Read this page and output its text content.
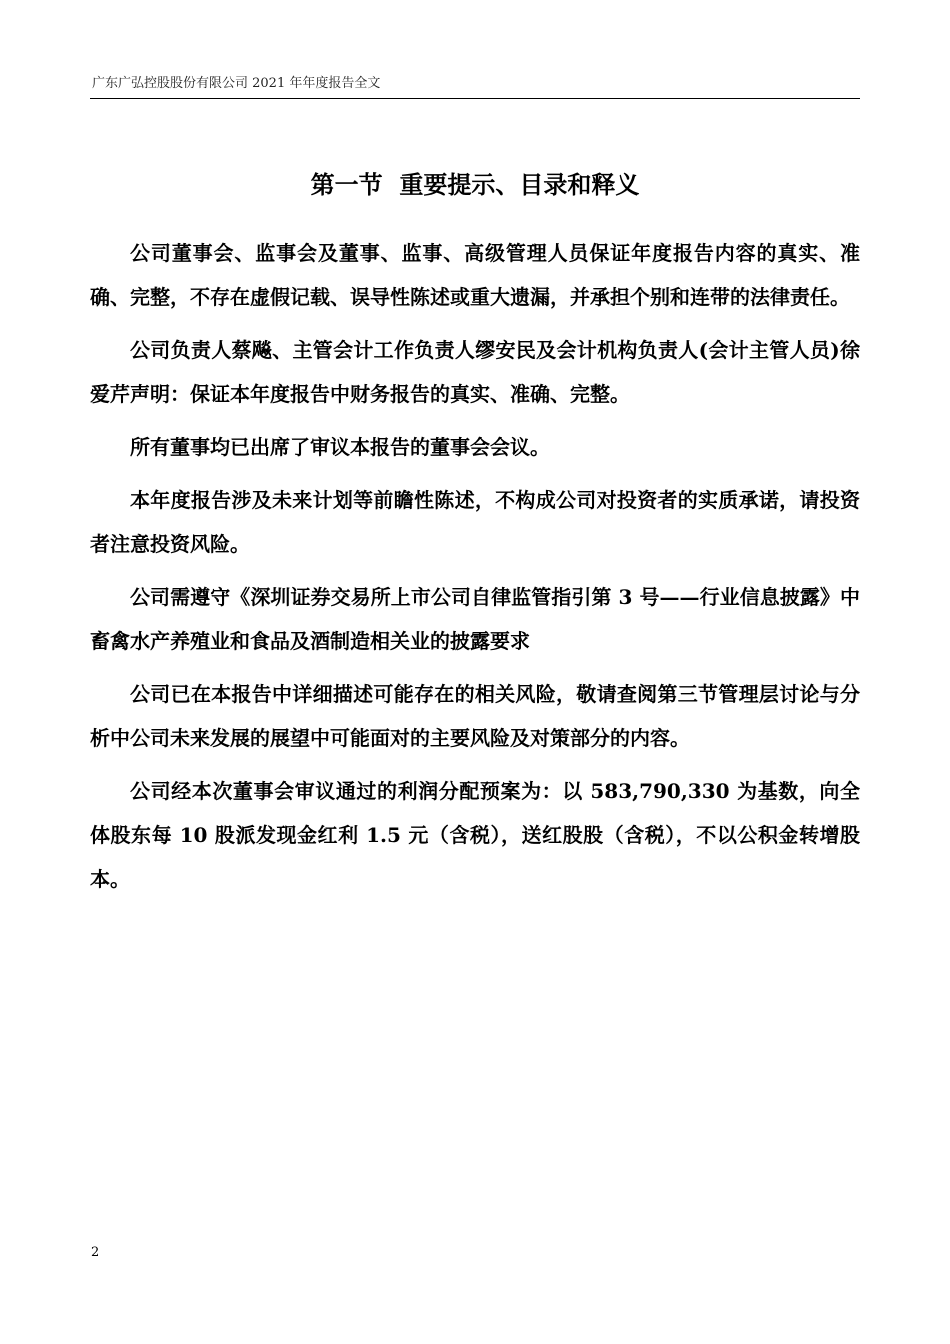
广东广弘控股股份有限公司 2021 年年度报告全文
第一节  重要提示、目录和释义

公司董事会、监事会及董事、监事、高级管理人员保证年度报告内容的真实、准确、完整，不存在虚假记载、误导性陈述或重大遗漏，并承担个别和连带的法律责任。

公司负责人蔡飚、主管会计工作负责人缪安民及会计机构负责人(会计主管人员)徐爱芹声明：保证本年度报告中财务报告的真实、准确、完整。

所有董事均已出席了审议本报告的董事会会议。

本年度报告涉及未来计划等前瞻性陈述，不构成公司对投资者的实质承诺，请投资者注意投资风险。

公司需遵守《深圳证券交易所上市公司自律监管指引第 3 号——行业信息披露》中畜禽水产养殖业和食品及酒制造相关业的披露要求

公司已在本报告中详细描述可能存在的相关风险，敬请查阅第三节管理层讨论与分析中公司未来发展的展望中可能面对的主要风险及对策部分的内容。

公司经本次董事会审议通过的利润分配预案为：以 583,790,330 为基数，向全体股东每 10 股派发现金红利 1.5 元（含税），送红股股（含税），不以公积金转增股本。

2
